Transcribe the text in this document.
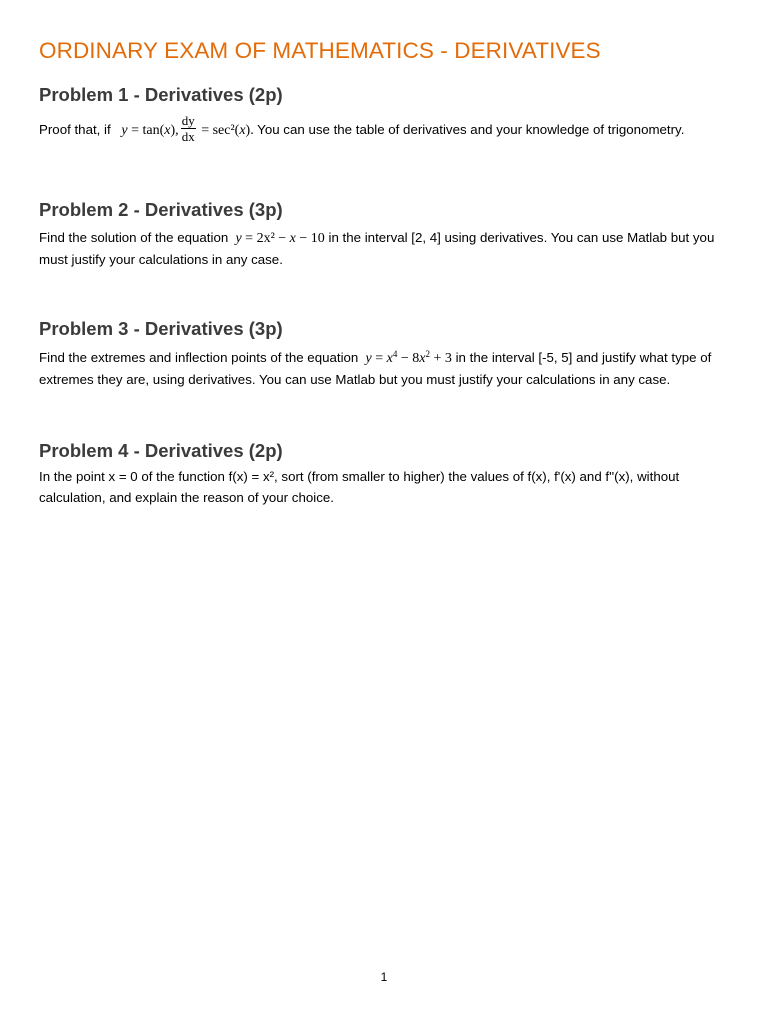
ORDINARY EXAM OF MATHEMATICS - DERIVATIVES
Problem 1 - Derivatives (2p)
Proof that, if y = tan(x), $\frac{dy}{dx} = \sec^2(x)$. You can use the table of derivatives and your knowledge of trigonometry.
Problem 2 - Derivatives (3p)
Find the solution of the equation y = 2x² − x − 10 in the interval [2, 4] using derivatives. You can use Matlab but you must justify your calculations in any case.
Problem 3 - Derivatives (3p)
Find the extremes and inflection points of the equation $y = x^4 - 8x^2 + 3$ in the interval [-5, 5] and justify what type of extremes they are, using derivatives. You can use Matlab but you must justify your calculations in any case.
Problem 4 - Derivatives (2p)
In the point x = 0 of the function f(x) = x², sort (from smaller to higher) the values of f(x), f'(x) and f''(x), without calculation, and explain the reason of your choice.
1
